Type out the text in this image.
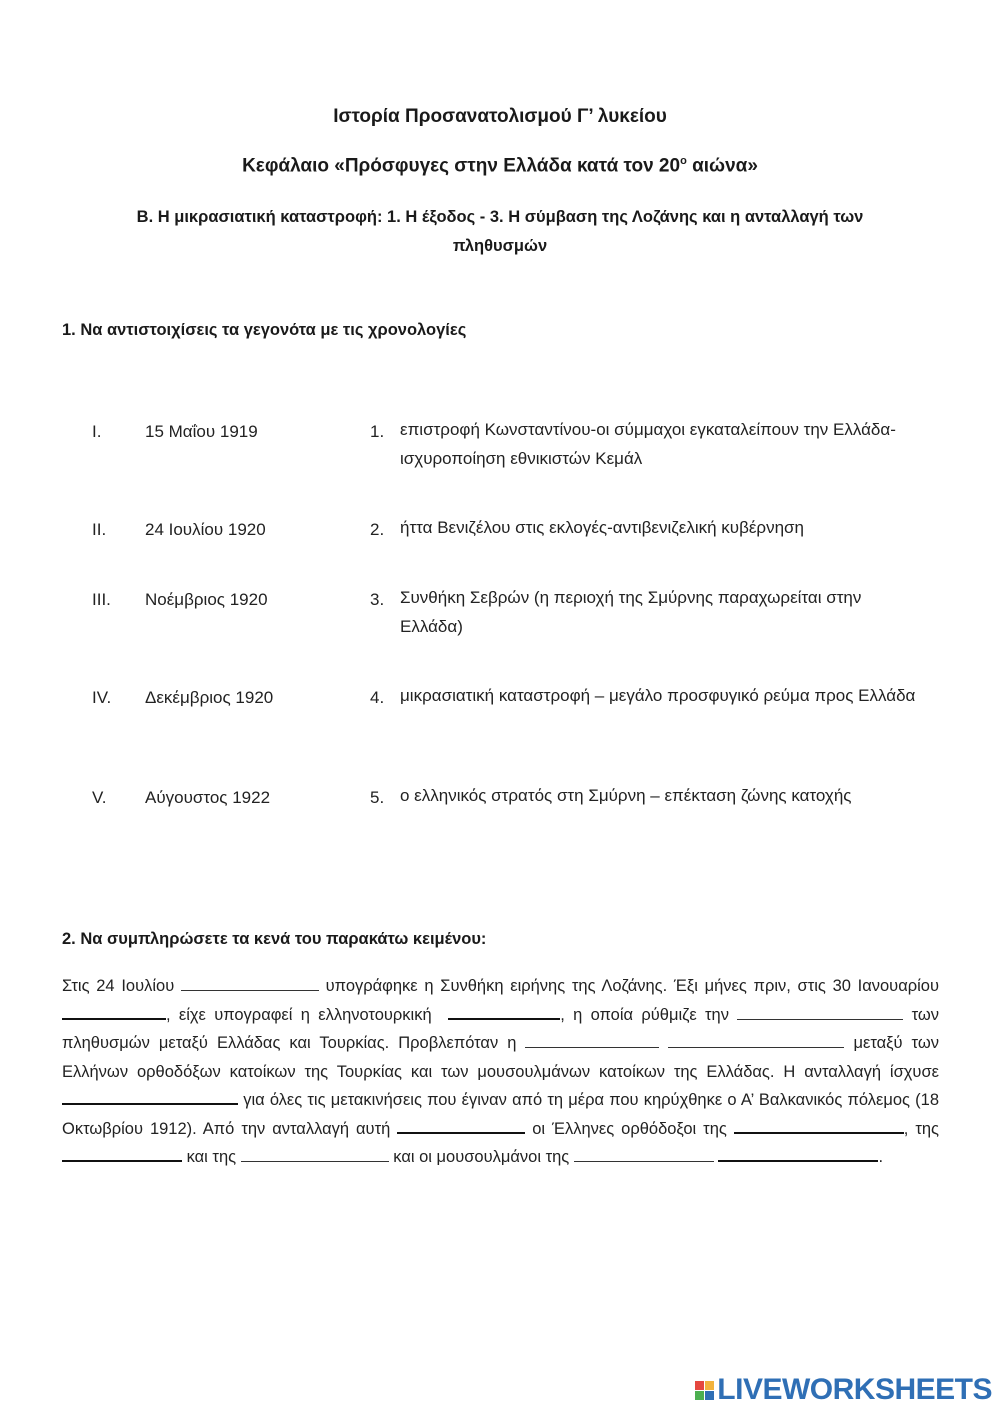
Ιστορία Προσανατολισμού Γ’ λυκείου
Κεφάλαιο «Πρόσφυγες στην Ελλάδα κατά τον $20^o$ αιώνα»
Β. Η μικρασιατική καταστροφή: 1. Η έξοδος - 3. Η σύμβαση της Λοζάνης και η ανταλλαγή των πληθυσμών
1. Να αντιστοιχίσεις τα γεγονότα με τις χρονολογίες
I.	15 Μαΐου 1919	1. επιστροφή Κωνσταντίνου-οι σύμμαχοι εγκαταλείπουν την Ελλάδα-ισχυροποίηση εθνικιστών Κεμάλ
II.	24 Ιουλίου 1920	2. ήττα Βενιζέλου στις εκλογές-αντιβενιζελική κυβέρνηση
III.	Νοέμβριος 1920	3. Συνθήκη Σεβρών (η περιοχή της Σμύρνης παραχωρείται στην Ελλάδα)
IV.	Δεκέμβριος 1920	4. μικρασιατική καταστροφή – μεγάλο προσφυγικό ρεύμα προς Ελλάδα
V.	Αύγουστος 1922	5. ο ελληνικός στρατός στη Σμύρνη – επέκταση ζώνης κατοχής
2. Να συμπληρώσετε τα κενά του παρακάτω κειμένου:
Στις 24 Ιουλίου	υπογράφηκε η Συνθήκη ειρήνης της Λοζάνης. Έξι μήνες πριν, στις 30 Ιανουαρίου , είχε υπογραφεί η ελληνοτουρκική	, η οποία ρύθμιζε την	των πληθυσμών μεταξύ Ελλάδας και Τουρκίας. Προβλεπόταν η	μεταξύ των Ελλήνων ορθοδόξων κατοίκων της Τουρκίας και των μουσουλμάνων κατοίκων της Ελλάδας. Η ανταλλαγή ίσχυσε  για όλες τις μετακινήσεις που έγιναν από τη μέρα που κηρύχθηκε ο Α’ Βαλκανικός πόλεμος (18 Οκτωβρίου 1912). Από την ανταλλαγή αυτή	οι Έλληνες ορθόδοξοι της	, της  και της	και οι μουσουλμάνοι της	.
LIVEWORKSHEETS
